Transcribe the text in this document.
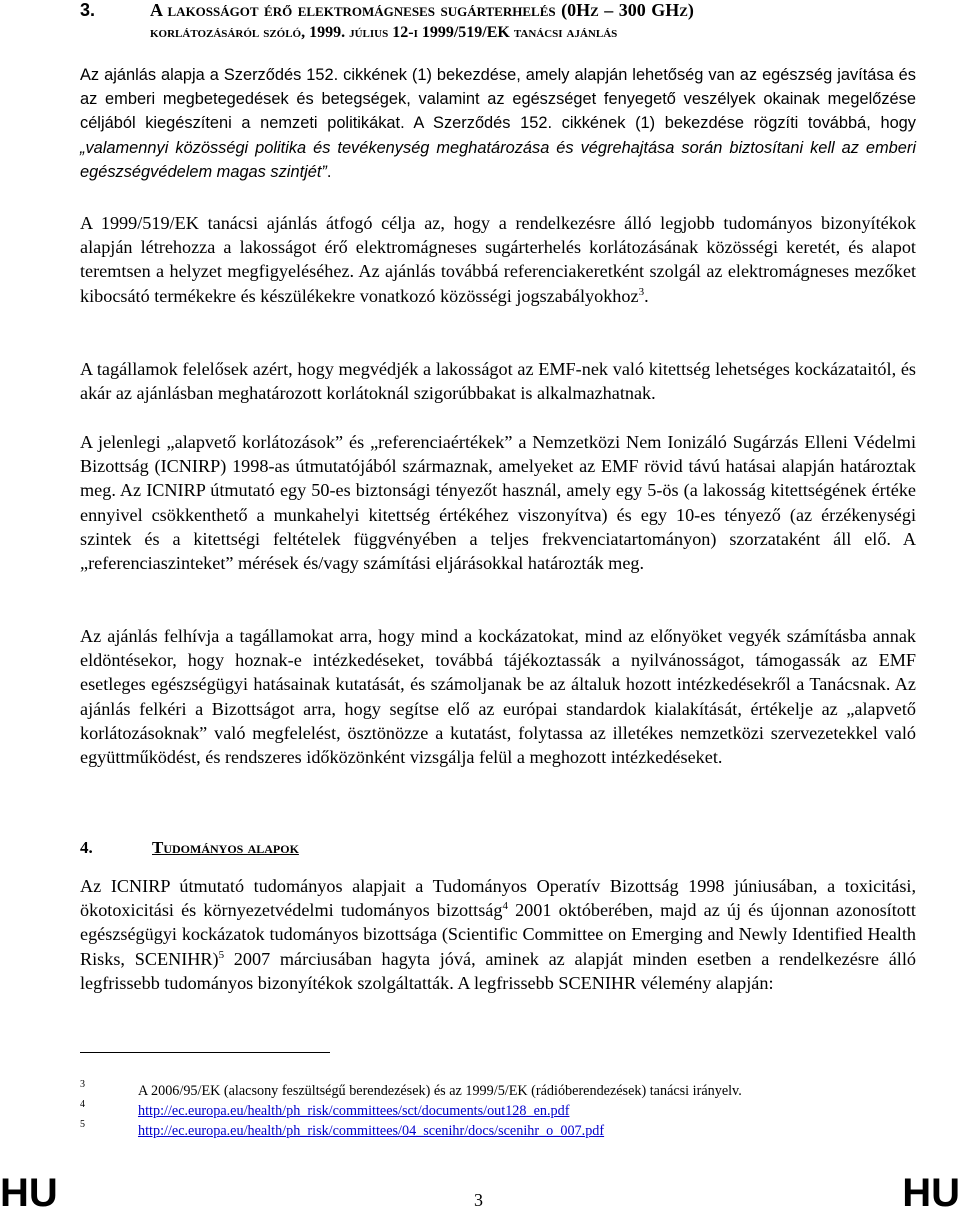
3.	A lakosságot érő elektromágneses sugárterhelés (0Hz – 300 GHz)
korlátozásáról szóló, 1999. július 12-i 1999/519/EK tanácsi ajánlás

Az ajánlás alapja a Szerződés 152. cikkének (1) bekezdése, amely alapján lehetőség van az egészség javítása és az emberi megbetegedések és betegségek, valamint az egészséget fenyegető veszélyek okainak megelőzése céljából kiegészíteni a nemzeti politikákat. A Szerződés 152. cikkének (1) bekezdése rögzíti továbbá, hogy „valamennyi közösségi politika és tevékenység meghatározása és végrehajtása során biztosítani kell az emberi egészségvédelem magas szintjét”.

A 1999/519/EK tanácsi ajánlás átfogó célja az, hogy a rendelkezésre álló legjobb tudományos bizonyítékok alapján létrehozza a lakosságot érő elektromágneses sugárterhelés korlátozásának közösségi keretét, és alapot teremtsen a helyzet megfigyeléséhez. Az ajánlás továbbá referenciakeretként szolgál az elektromágneses mezőket kibocsátó termékekre és készülékekre vonatkozó közösségi jogszabályokhoz$^3$.

A tagállamok felelősek azért, hogy megvédjék a lakosságot az EMF-nek való kitettség lehetséges kockázataitól, és akár az ajánlásban meghatározott korlátoknál szigorúbbakat is alkalmazhatnak.

A jelenlegi „alapvető korlátozások” és „referenciaértékek” a Nemzetközi Nem Ionizáló Sugárzás Elleni Védelmi Bizottság (ICNIRP) 1998-as útmutatójából származnak, amelyeket az EMF rövid távú hatásai alapján határoztak meg. Az ICNIRP útmutató egy 50-es biztonsági tényezőt használ, amely egy 5-ös (a lakosság kitettségének értéke ennyivel csökkenthető a munkahelyi kitettség értékéhez viszonyítva) és egy 10-es tényező (az érzékenységi szintek és a kitettségi feltételek függvényében a teljes frekvenciatartományon) szorzataként áll elő. A „referenciaszinteket” mérések és/vagy számítási eljárásokkal határozták meg.

Az ajánlás felhívja a tagállamokat arra, hogy mind a kockázatokat, mind az előnyöket vegyék számításba annak eldöntésekor, hogy hoznak-e intézkedéseket, továbbá tájékoztassák a nyilvánosságot, támogassák az EMF esetleges egészségügyi hatásainak kutatását, és számoljanak be az általuk hozott intézkedésekről a Tanácsnak. Az ajánlás felkéri a Bizottságot arra, hogy segítse elő az európai standardok kialakítását, értékelje az „alapvető korlátozásoknak” való megfelelést, ösztönözze a kutatást, folytassa az illetékes nemzetközi szervezetekkel való együttműködést, és rendszeres időközönként vizsgálja felül a meghozott intézkedéseket.

4.	Tudományos alapok

Az ICNIRP útmutató tudományos alapjait a Tudományos Operatív Bizottság 1998 júniusában, a toxicitási, ökotoxicitási és környezetvédelmi tudományos bizottság$^4$ 2001 októberében, majd az új és újonnan azonosított egészségügyi kockázatok tudományos bizottsága (Scientific Committee on Emerging and Newly Identified Health Risks, SCENIHR)$^5$ 2007 márciusában hagyta jóvá, aminek az alapját minden esetben a rendelkezésre álló legfrissebb tudományos bizonyítékok szolgáltatták. A legfrissebb SCENIHR vélemény alapján:

3	A 2006/95/EK (alacsony feszültségű berendezések) és az 1999/5/EK (rádióberendezések) tanácsi irányelv.
4	http://ec.europa.eu/health/ph_risk/committees/sct/documents/out128_en.pdf
5	http://ec.europa.eu/health/ph_risk/committees/04_scenihr/docs/scenihr_o_007.pdf
HU	3	HU
